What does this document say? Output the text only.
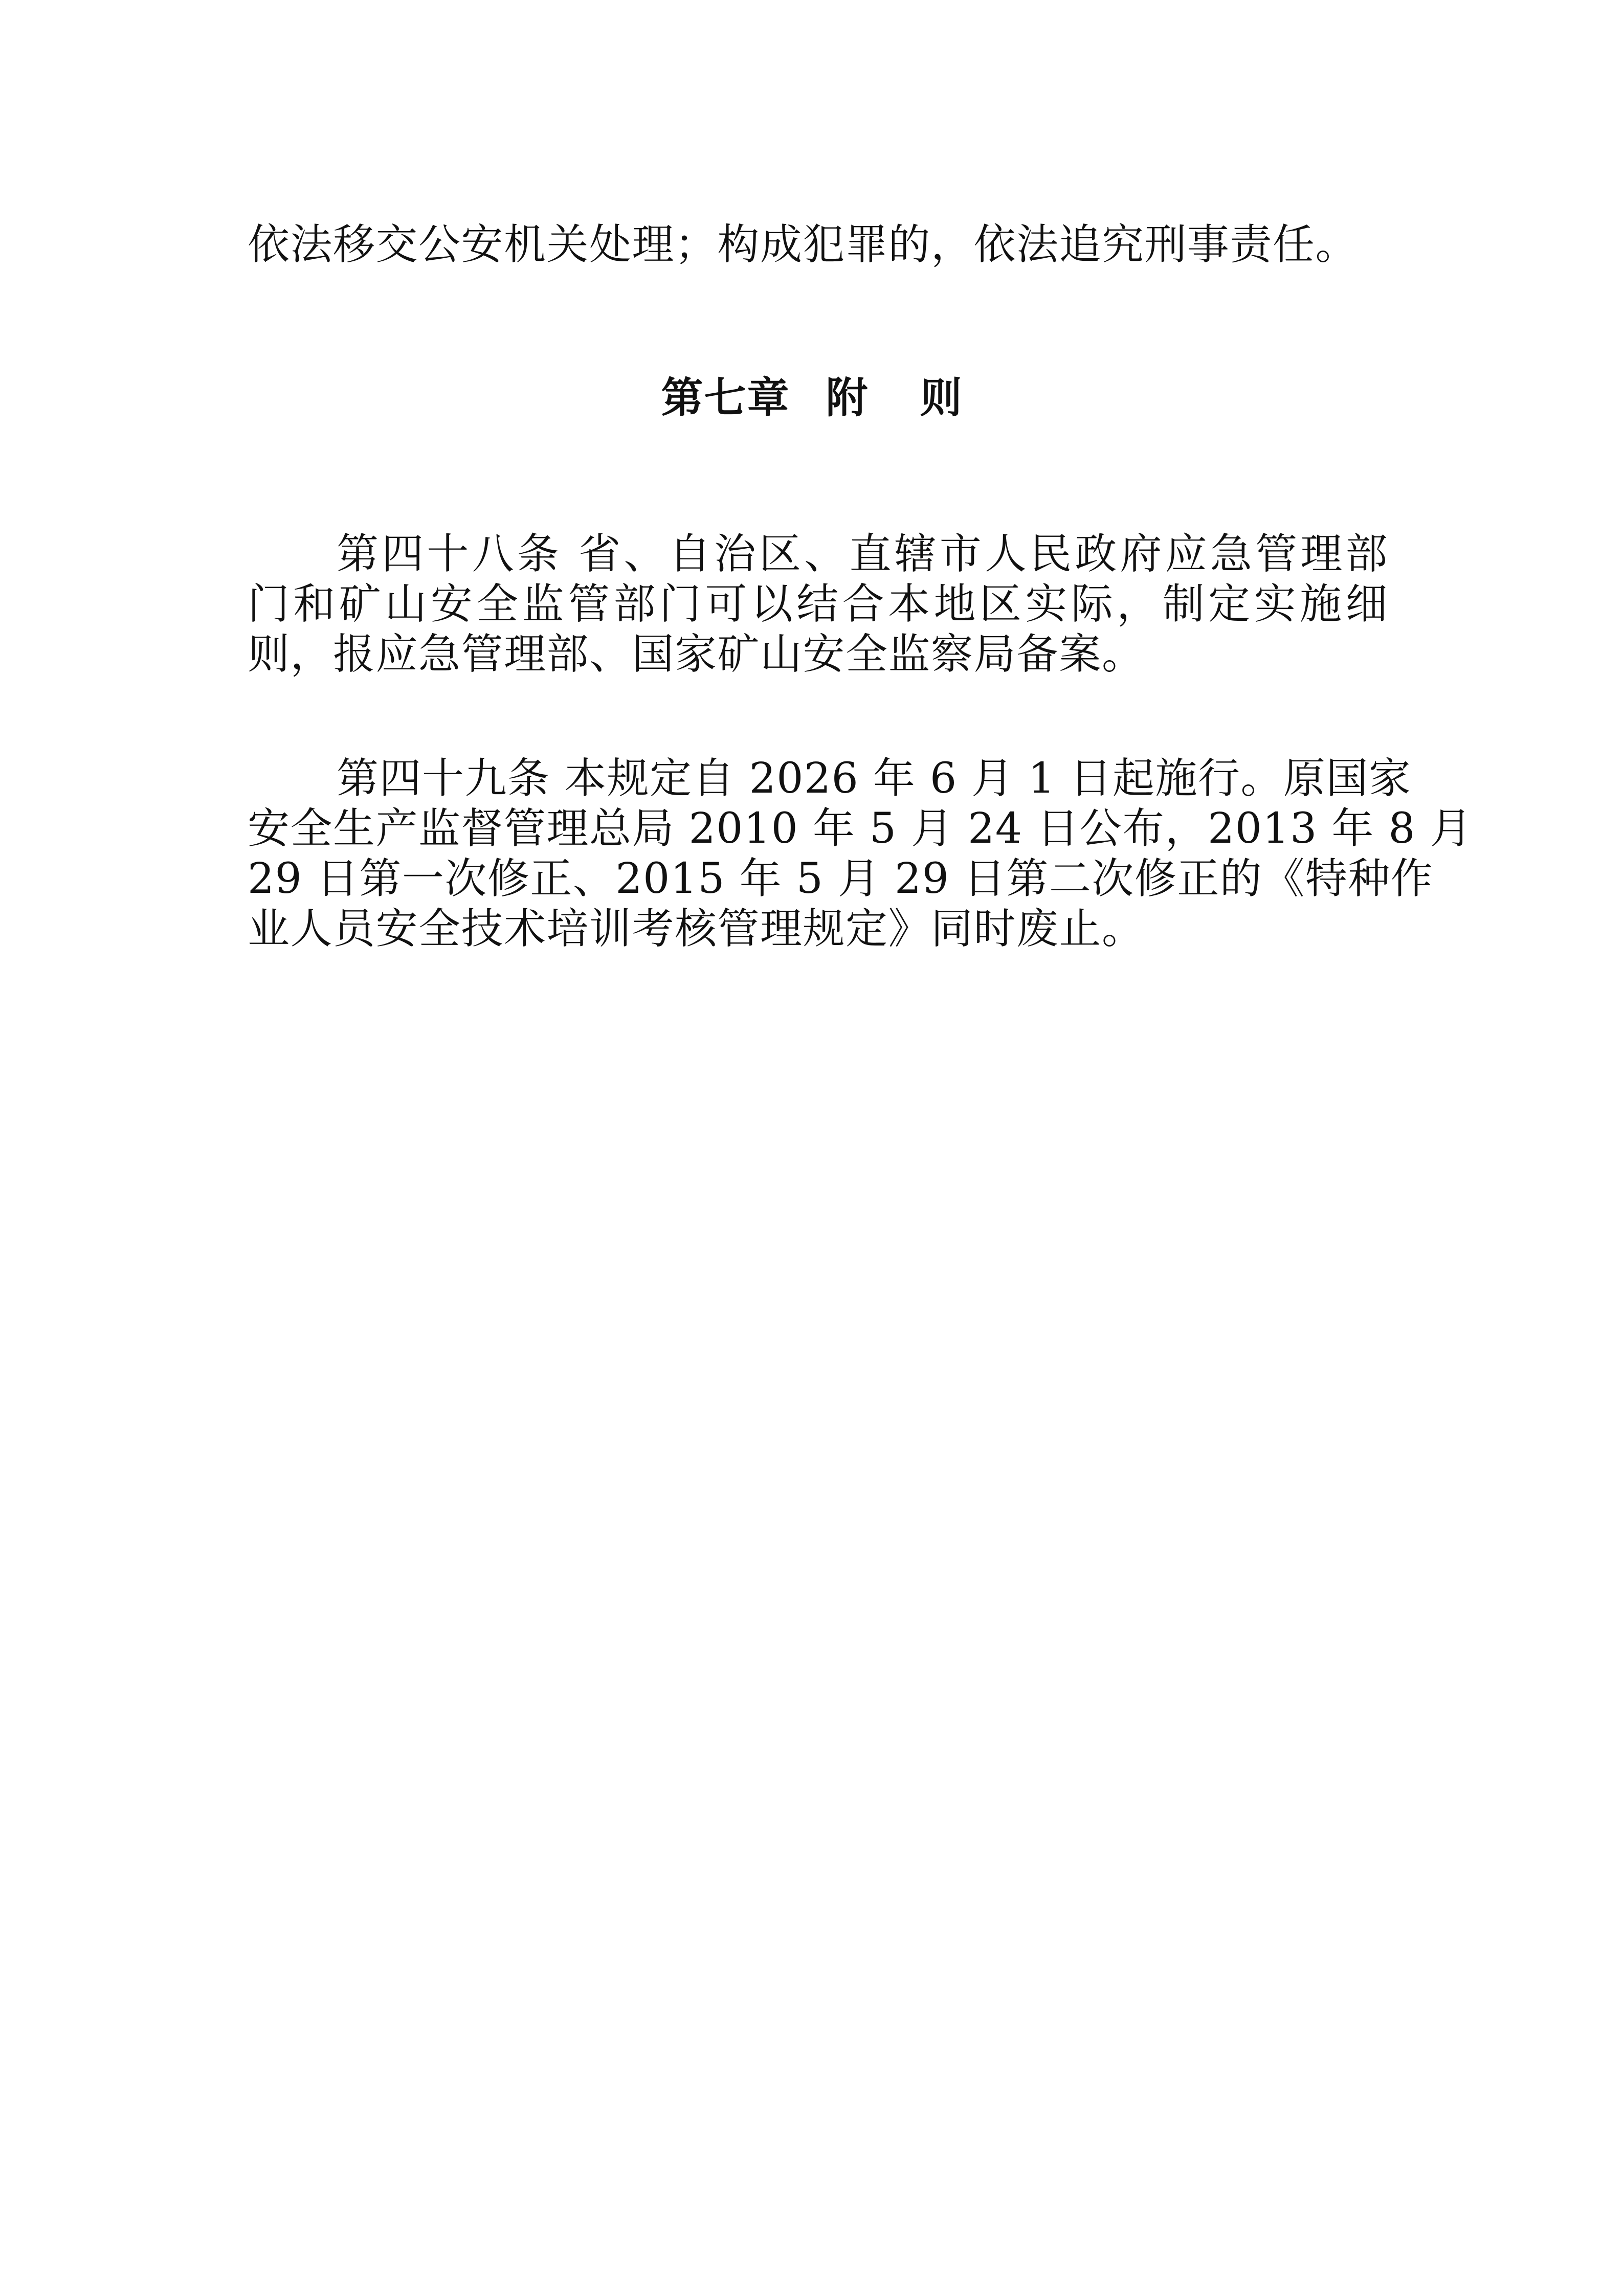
依法移交公安机关处理；构成犯罪的，依法追究刑事责任。
第七章 附 则
第四十八条 省、自治区、直辖市人民政府应急管理部
门和矿山安全监管部门可以结合本地区实际，制定实施细
则，报应急管理部、国家矿山安全监察局备案。
第四十九条 本规定自 2026 年 6 月 1 日起施行。原国家
安全生产监督管理总局 2010 年 5 月 24 日公布，2013 年 8 月
29 日第一次修正、2015 年 5 月 29 日第二次修正的《特种作
业人员安全技术培训考核管理规定》同时废止。
